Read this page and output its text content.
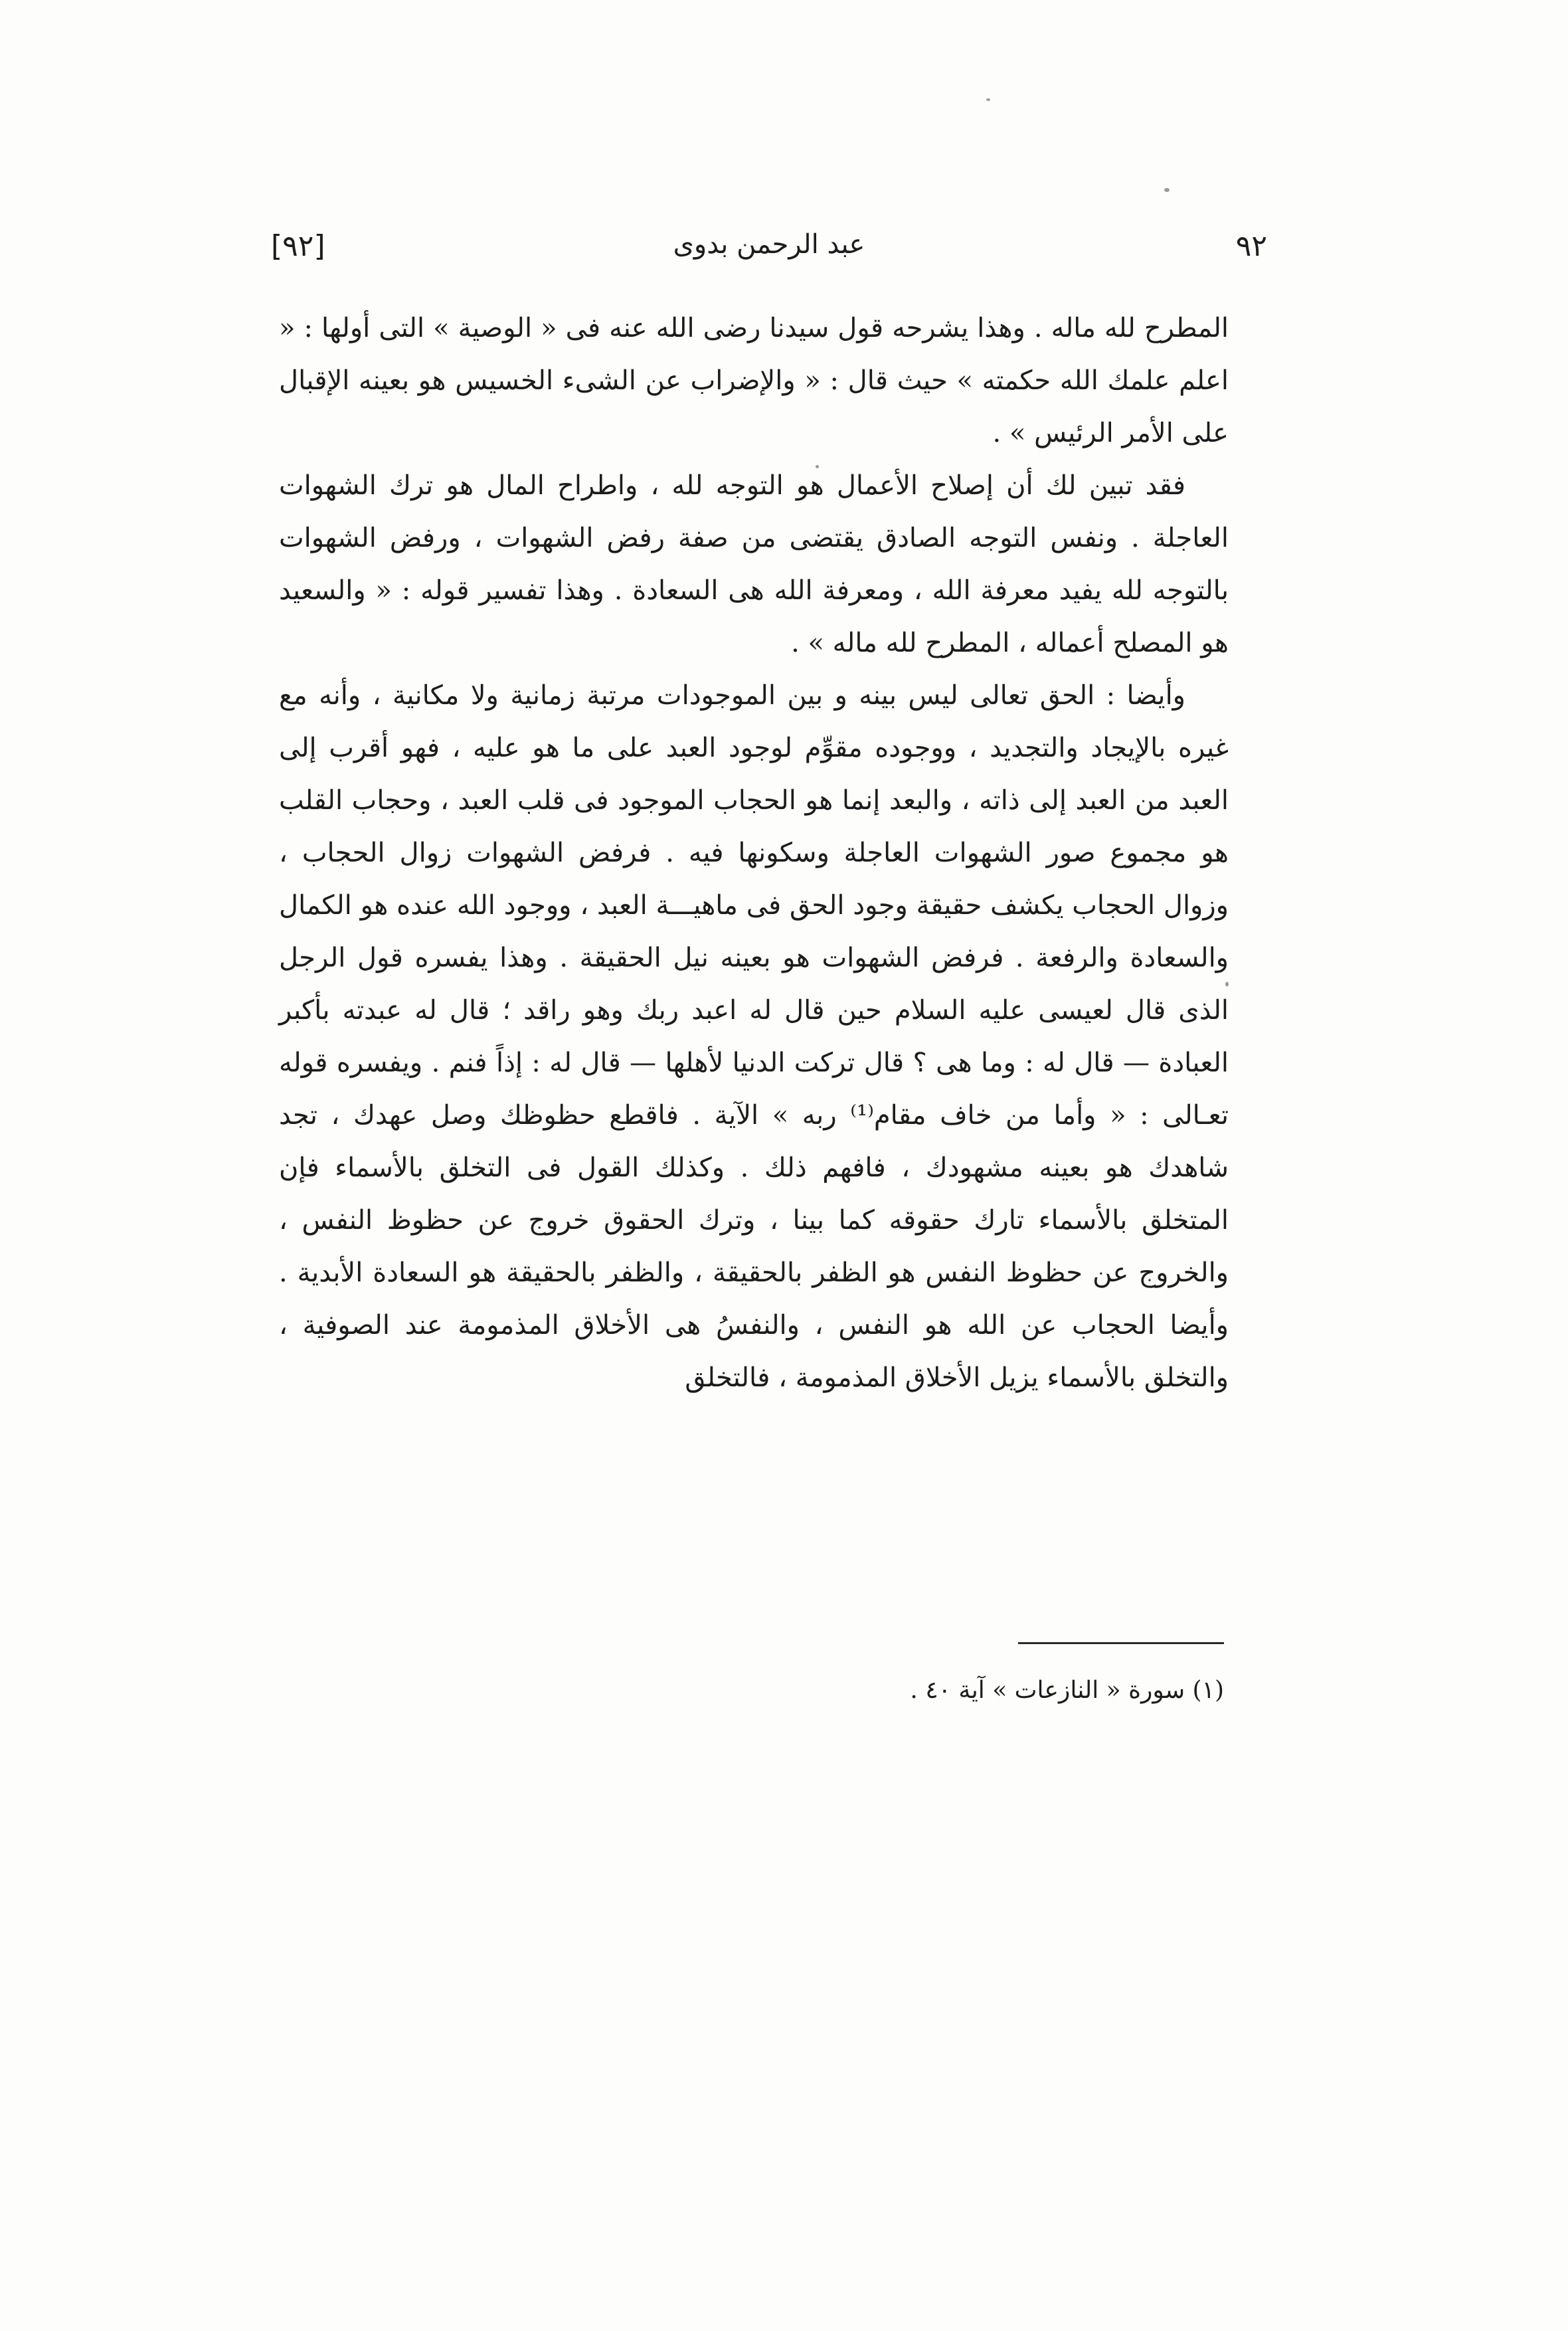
٩٢
عبد الرحمن بدوى
[٩٢]

المطرح لله ماله . وهذا يشرحه قول سيدنا رضى الله عنه فى « الوصية » التى أولها : « اعلم علمك الله حكمته » حيث قال : « والإضراب عن الشىء الخسيس هو بعينه الإقبال على الأمر الرئيس » .

فقد تبين لك أن إصلاح الأعمال هو التوجه لله ، واطراح المال هو ترك الشهوات العاجلة . ونفس التوجه الصادق يقتضى من صفة رفض الشهوات ، ورفض الشهوات بالتوجه لله يفيد معرفة الله ، ومعرفة الله هى السعادة . وهذا تفسير قوله : « والسعيد هو المصلح أعماله ، المطرح لله ماله » .

وأيضا : الحق تعالى ليس بينه و بين الموجودات مرتبة زمانية ولا مكانية ، وأنه مع غيره بالإيجاد والتجديد ، ووجوده مقوِّم لوجود العبد على ما هو عليه ، فهو أقرب إلى العبد من العبد إلى ذاته ، والبعد إنما هو الحجاب الموجود فى قلب العبد ، وحجاب القلب هو مجموع صور الشهوات العاجلة وسكونها فيه . فرفض الشهوات زوال الحجاب ، وزوال الحجاب يكشف حقيقة وجود الحق فى ماهيـــة العبد ، ووجود الله عنده هو الكمال والسعادة والرفعة . فرفض الشهوات هو بعينه نيل الحقيقة . وهذا يفسره قول الرجل الذى قال لعيسى عليه السلام حين قال له اعبد ربك وهو راقد ؛ قال له عبدته بأكبر العبادة — قال له : وما هى ؟ قال تركت الدنيا لأهلها — قال له : إذاً فنم . ويفسره قوله تعـالى : « وأما من خاف مقام⁽¹⁾ ربه » الآية . فاقطع حظوظك وصل عهدك ، تجد شاهدك هو بعينه مشهودك ، فافهم ذلك . وكذلك القول فى التخلق بالأسماء فإن المتخلق بالأسماء تارك حقوقه كما بينا ، وترك الحقوق خروج عن حظوظ النفس ، والخروج عن حظوظ النفس هو الظفر بالحقيقة ، والظفر بالحقيقة هو السعادة الأبدية . وأيضا الحجاب عن الله هو النفس ، والنفسُ هى الأخلاق المذمومة عند الصوفية ، والتخلق بالأسماء يزيل الأخلاق المذمومة ، فالتخلق

(١) سورة « النازعات » آية ٤٠ .
